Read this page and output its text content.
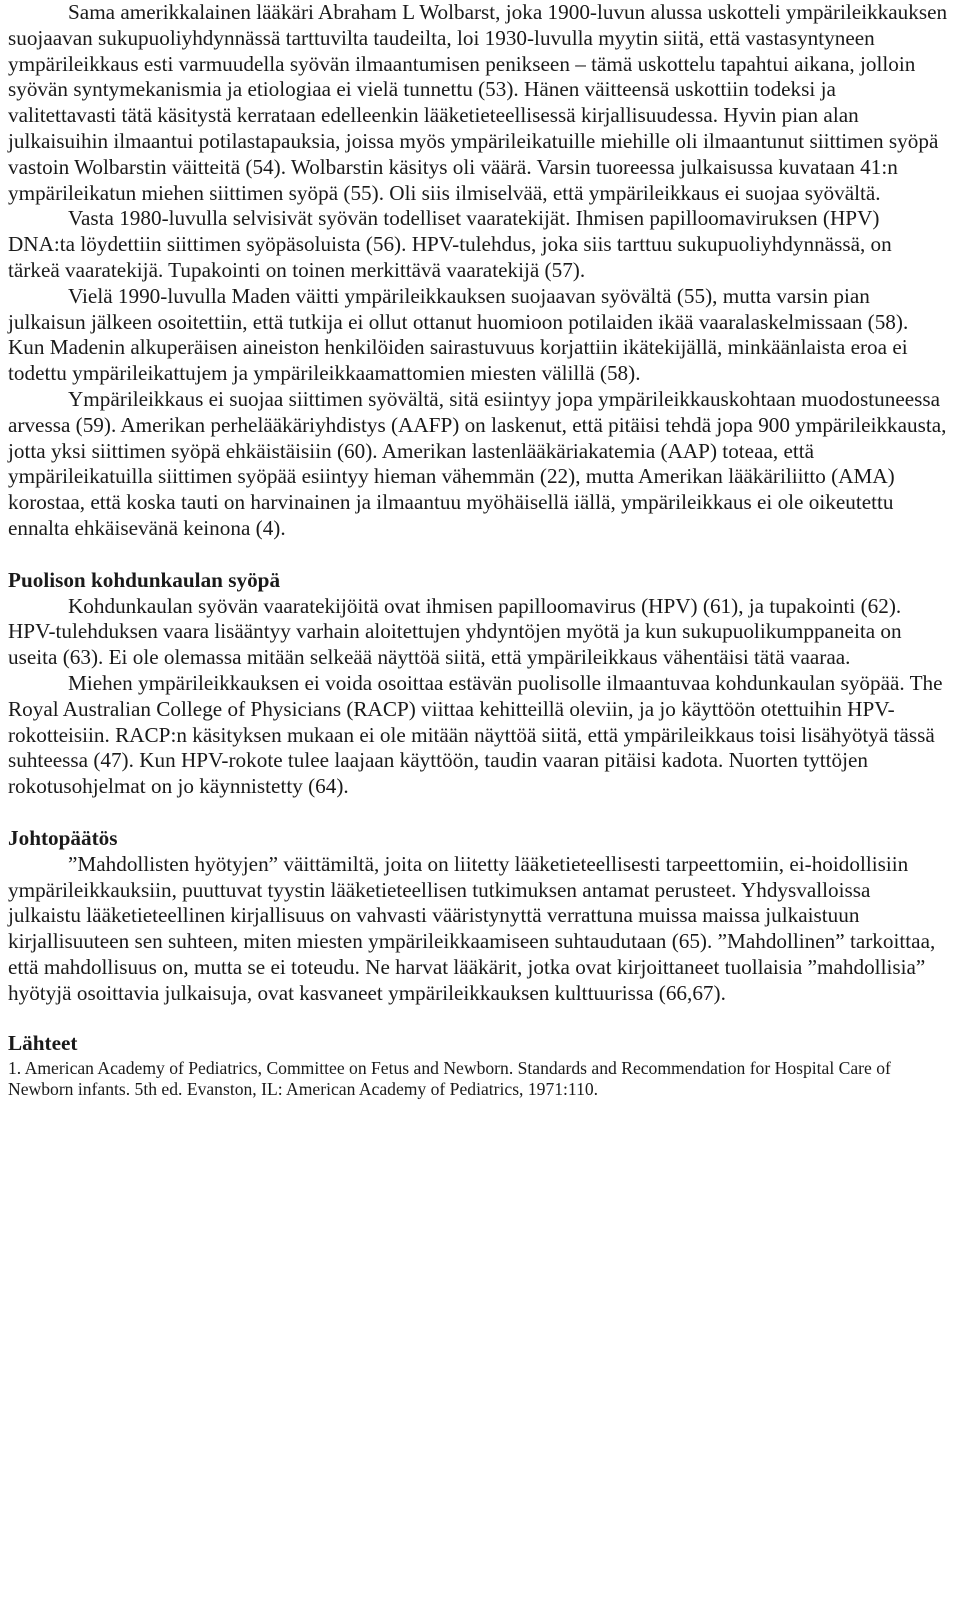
Sama amerikkalainen lääkäri Abraham L Wolbarst, joka 1900-luvun alussa uskotteli ympärileikkauksen suojaavan sukupuoliyhdynnässä tarttuvilta taudeilta, loi 1930-luvulla myytin siitä, että vastasyntyneen ympärileikkaus esti varmuudella syövän ilmaantumisen penikseen – tämä uskottelu tapahtui aikana, jolloin syövän syntymekanismia ja etiologiaa ei vielä tunnettu (53). Hänen väitteensä uskottiin todeksi ja valitettavasti tätä käsitystä kerrataan edelleenkin lääketieteellisessä kirjallisuudessa. Hyvin pian alan julkaisuihin ilmaantui potilastapauksia, joissa myös ympärileikatuille miehille oli ilmaantunut siittimen syöpä vastoin Wolbarstin väitteitä (54). Wolbarstin käsitys oli väärä. Varsin tuoreessa julkaisussa kuvataan 41:n ympärileikatun miehen siittimen syöpä (55). Oli siis ilmiselvää, että ympärileikkaus ei suojaa syövältä.

Vasta 1980-luvulla selvisivät syövän todelliset vaaratekijät. Ihmisen papilloomaviruksen (HPV) DNA:ta löydettiin siittimen syöpäsoluista (56). HPV-tulehdus, joka siis tarttuu sukupuoliyhdynnässä, on tärkeä vaaratekijä. Tupakointi on toinen merkittävä vaaratekijä (57).

Vielä 1990-luvulla Maden väitti ympärileikkauksen suojaavan syövältä (55), mutta varsin pian julkaisun jälkeen osoitettiin, että tutkija ei ollut ottanut huomioon potilaiden ikää vaaralaskelmissaan (58). Kun Madenin alkuperäisen aineiston henkilöiden sairastuvuus korjattiin ikätekijällä, minkäänlaista eroa ei todettu ympärileikattujem ja ympärileikkaamattomien miesten välillä (58).

Ympärileikkaus ei suojaa siittimen syövältä, sitä esiintyy jopa ympärileikkauskohtaan muodostuneessa arvessa (59). Amerikan perhelääkäriyhdistys (AAFP) on laskenut, että pitäisi tehdä jopa 900 ympärileikkausta, jotta yksi siittimen syöpä ehkäistäisiin (60). Amerikan lastenlääkäriakatemia (AAP) toteaa, että ympärileikatuilla siittimen syöpää esiintyy hieman vähemmän (22), mutta Amerikan lääkäriliitto (AMA) korostaa, että koska tauti on harvinainen ja ilmaantuu myöhäisellä iällä, ympärileikkaus ei ole oikeutettu ennalta ehkäisevänä keinona (4).

Puolison kohdunkaulan syöpä

Kohdunkaulan syövän vaaratekijöitä ovat ihmisen papilloomavirus (HPV) (61), ja tupakointi (62). HPV-tulehduksen vaara lisääntyy varhain aloitettujen yhdyntöjen myötä ja kun sukupuolikumppaneita on useita (63). Ei ole olemassa mitään selkeää näyttöä siitä, että ympärileikkaus vähentäisi tätä vaaraa.

Miehen ympärileikkauksen ei voida osoittaa estävän puolisolle ilmaantuvaa kohdunkaulan syöpää. The Royal Australian College of Physicians (RACP) viittaa kehitteillä oleviin, ja jo käyttöön otettuihin HPV-rokotteisiin. RACP:n käsityksen mukaan ei ole mitään näyttöä siitä, että ympärileikkaus toisi lisähyötyä tässä suhteessa (47). Kun HPV-rokote tulee laajaan käyttöön, taudin vaaran pitäisi kadota. Nuorten tyttöjen rokotusohjelmat on jo käynnistetty (64).

Johtopäätös

”Mahdollisten hyötyjen” väittämiltä, joita on liitetty lääketieteellisesti tarpeettomiin, ei-hoidollisiin ympärileikkauksiin, puuttuvat tyystin lääketieteellisen tutkimuksen antamat perusteet. Yhdysvalloissa julkaistu lääketieteellinen kirjallisuus on vahvasti vääristynyttä verrattuna muissa maissa julkaistuun kirjallisuuteen sen suhteen, miten miesten ympärileikkaamiseen suhtaudutaan (65). ”Mahdollinen” tarkoittaa, että mahdollisuus on, mutta se ei toteudu. Ne harvat lääkärit, jotka ovat kirjoittaneet tuollaisia ”mahdollisia” hyötyjä osoittavia julkaisuja, ovat kasvaneet ympärileikkauksen kulttuurissa (66,67).

Lähteet

1. American Academy of Pediatrics, Committee on Fetus and Newborn. Standards and Recommendation for Hospital Care of Newborn infants. 5th ed. Evanston, IL: American Academy of Pediatrics, 1971:110.
